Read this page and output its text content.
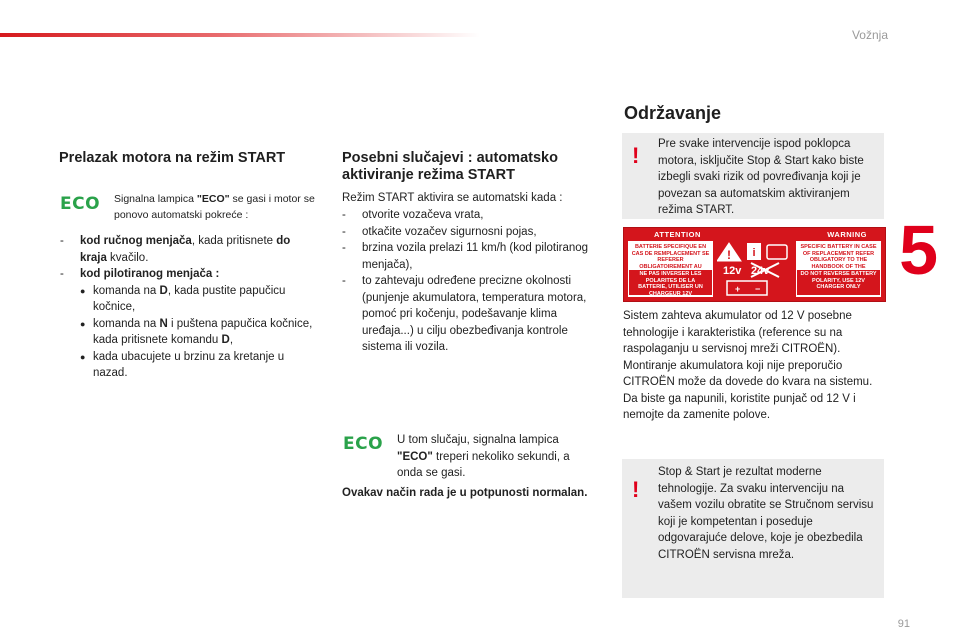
Vožnja
5
91
Prelazak motora na režim START
ECO Signalna lampica "ECO" se gasi i motor se ponovo automatski pokreće :

- kod ručnog menjača, kada pritisnete do kraja kvačilo.
- kod pilotiranog menjača :
● komanda na D, kada pustite papučicu kočnice,
● komanda na N i puštena papučica kočnice, kada pritisnete komandu D,
● kada ubacujete u brzinu za kretanje u nazad.
Posebni slučajevi : automatsko aktiviranje režima START

Režim START aktivira se automatski kada :

- otvorite vozačeva vrata,
- otkačite vozačev sigurnosni pojas,
- brzina vozila prelazi 11 km/h (kod pilotiranog menjača),
- to zahtevaju određene precizne okolnosti (punjenje akumulatora, temperatura motora, pomoć pri kočenju, podešavanje klima uređaja...) u cilju obezbeđivanja kontrole sistema ili vozila.
ECO U tom slučaju, signalna lampica "ECO" treperi nekoliko sekundi, a onda se gasi.

Ovakav način rada je u potpunosti normalan.

Održavanje
! Pre svake intervencije ispod poklopca motora, isključite Stop & Start kako biste izbegli svaki rizik od povređivanja koji je povezan sa automatskim aktiviranjem režima START.

ATTENTION	WARNING
BATTERIE SPECIFIQUE EN CAS DE REMPLACEMENT SE REFERER OBLIGATOIREMENT AU
NE PAS INVERSER LES POLARITES DE LA BATTERIE, UTILISER UN CHARGEUR 12V
! i
+ −
12v 24v
SPECIFIC BATTERY IN CASE OF REPLACEMENT REFER OBLIGATORY TO THE HANDBOOK OF THE
DO NOT REVERSE BATTERY POLARITY, USE 12V CHARGER ONLY

Sistem zahteva akumulator od 12 V posebne tehnologije i karakteristika (reference su na raspolaganju u servisnoj mreži CITROËN).

Montiranje akumulatora koji nije preporučio CITROËN može da dovede do kvara na sistemu.

Da biste ga napunili, koristite punjač od 12 V i nemojte da zamenite polove.

!

Stop & Start je rezultat moderne tehnologije. Za svaku intervenciju na vašem vozilu obratite se Stručnom servisu koji je kompetentan i poseduje odgovarajuće delove, koje je obezbedila CITROËN servisna mreža.
